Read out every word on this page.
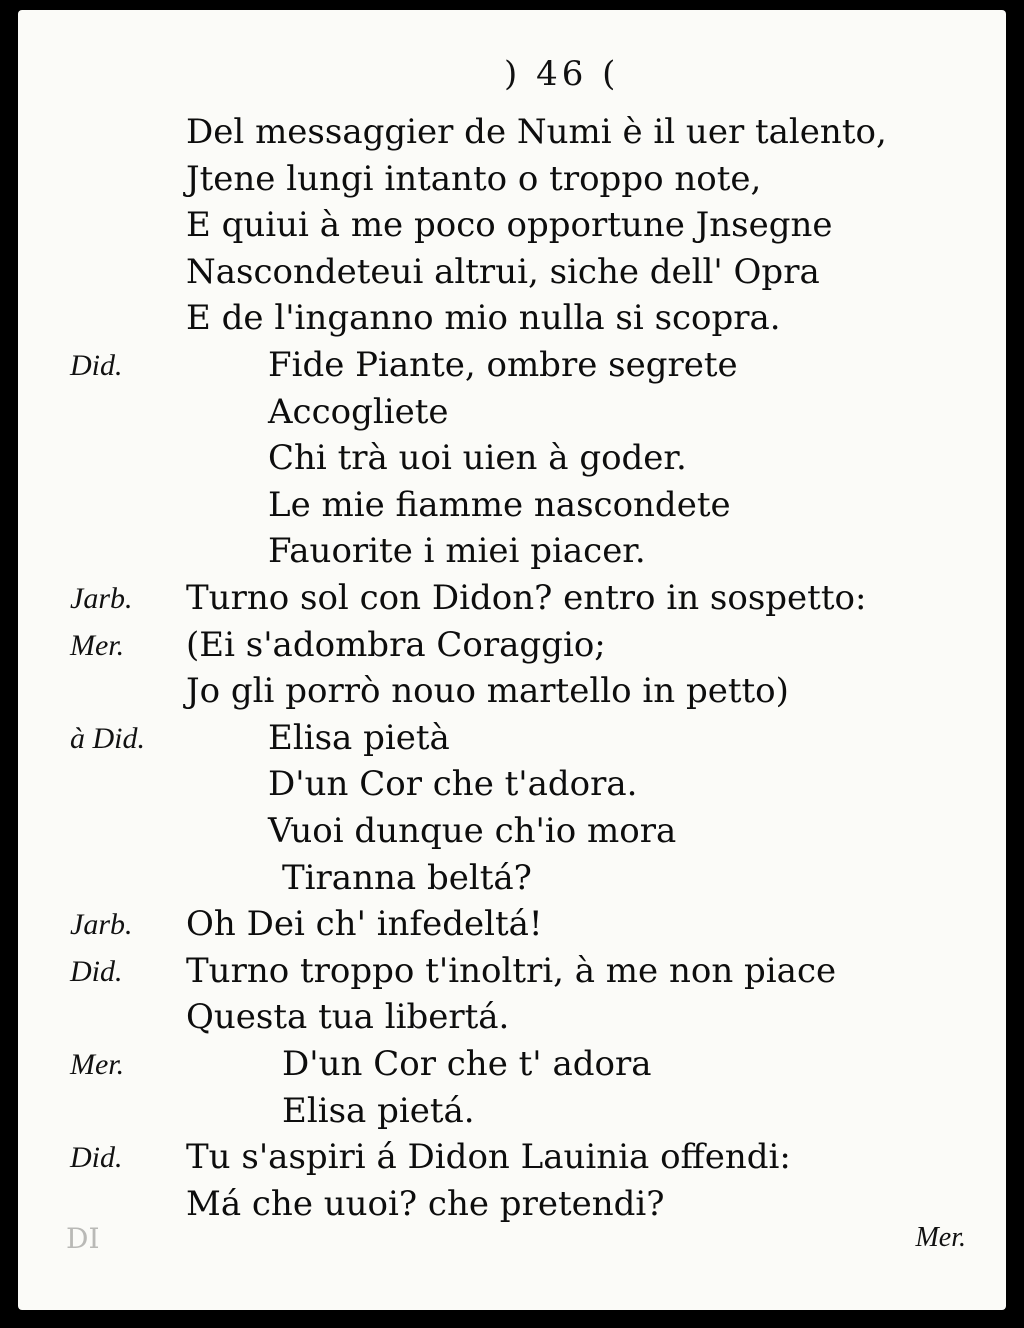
) 46 (
Del messaggier de Numi è il uer talento,
Jtene lungi intanto o troppo note,
E quiui à me poco opportune Jnsegne
Nascondeteui altrui, siche dell' Opra
E de l'inganno mio nulla si scopra.
Did.	Fide Piante, ombre segrete
Accogliete
Chi trà uoi uien à goder.
Le mie fiamme nascondete
Fauorite i miei piacer.
Jarb. Turno sol con Didon? entro in sospetto:
Mer. (Ei s'adombra Coraggio;
Jo gli porrò nouo martello in petto)
à Did.	Elisa pietà
D'un Cor che t'adora.
Vuoi dunque ch'io mora
Tiranna beltá?
Jarb. Oh Dei ch' infedeltá!
Did. Turno troppo t'inoltri, à me non piace
Questa tua libertá.
Mer.	D'un Cor che t' adora
Elisa pietá.
Did. Tu s'aspiri á Didon Lauinia offendi:
Má che uuoi? che pretendi?
DI	Mer.
